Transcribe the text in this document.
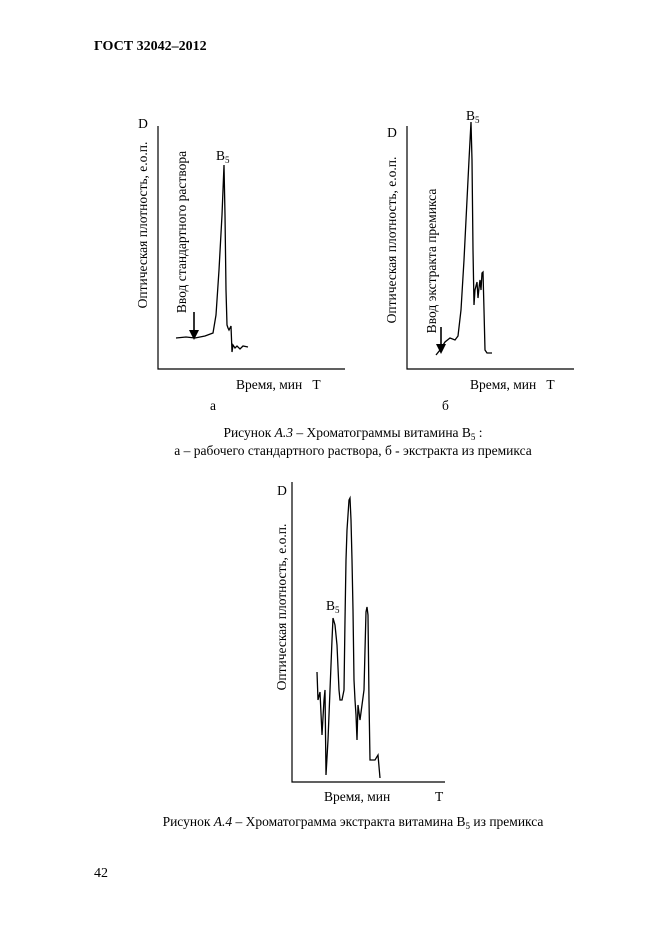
ГОСТ 32042–2012
Оптическая плотность, е.о.п.
D
Ввод стандартного раствора $B_5$
Время, мин T
а
Оптическая плотность, е.о.п.
D
Ввод экстракта премикса
$B_5$
Время, мин T
б
Рисунок А.3 – Хроматограммы витамина $В_5$ :
а – рабочего стандартного раствора, б - экстракта из премикса
Оптическая плотность, е.о.п.
D
$B_5$
Время, мин	T
Рисунок А.4 – Хроматограмма экстракта витамина $В_5$ из премикса
42
